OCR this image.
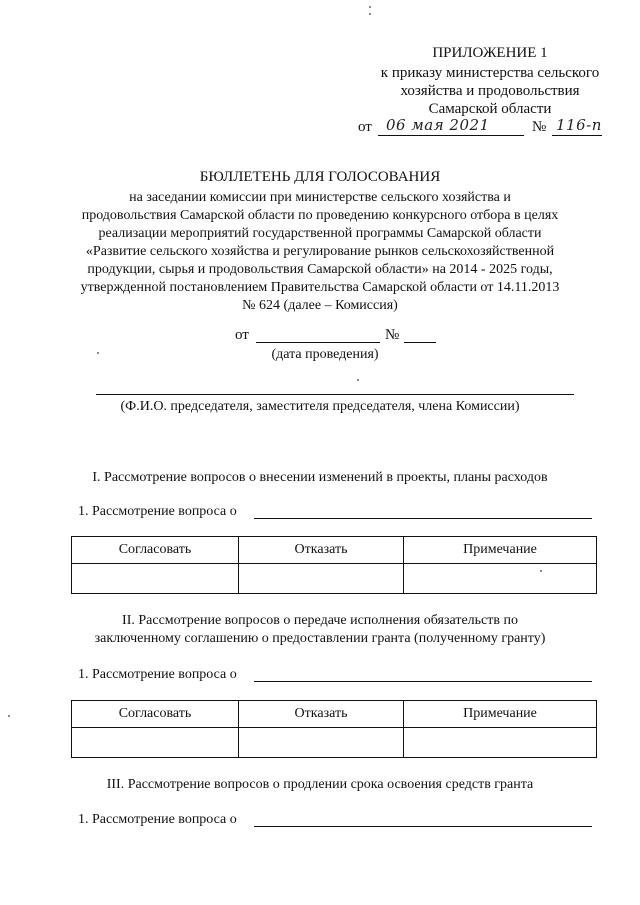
ПРИЛОЖЕНИЕ 1
к приказу министерства сельского
хозяйства и продовольствия
Самарской области
от 06 мая 2021	№ 116-п
БЮЛЛЕТЕНЬ ДЛЯ ГОЛОСОВАНИЯ
на заседании комиссии при министерстве сельского хозяйства и
продовольствия Самарской области по проведению конкурсного отбора в целях
реализации мероприятий государственной программы Самарской области
«Развитие сельского хозяйства и регулирование рынков сельскохозяйственной
продукции, сырья и продовольствия Самарской области» на 2014 - 2025 годы,
утвержденной постановлением Правительства Самарской области от 14.11.2013
№ 624 (далее – Комиссия)
от	№
(дата проведения)
(Ф.И.О. председателя, заместителя председателя, члена Комиссии)
I. Рассмотрение вопросов о внесении изменений в проекты, планы расходов
1. Рассмотрение вопроса о
Согласовать	Отказать	Примечание

II. Рассмотрение вопросов о передаче исполнения обязательств по
заключенному соглашению о предоставлении гранта (полученному гранту)
1. Рассмотрение вопроса о
Согласовать	Отказать	Примечание

III. Рассмотрение вопросов о продлении срока освоения средств гранта
1. Рассмотрение вопроса о
